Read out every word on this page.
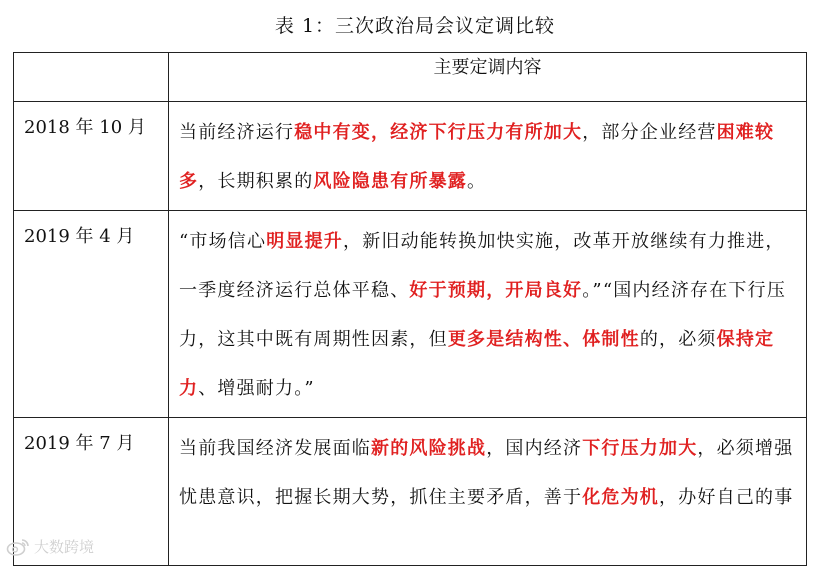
表 1：三次政治局会议定调比较
	主要定调内容
2018 年 10 月	当前经济运行稳中有变，经济下行压力有所加大，部分企业经营困难较多，长期积累的风险隐患有所暴露。
2019 年 4 月	“市场信心明显提升，新旧动能转换加快实施，改革开放继续有力推进，一季度经济运行总体平稳、好于预期，开局良好。”“国内经济存在下行压力，这其中既有周期性因素，但更多是结构性、体制性的，必须保持定力、增强耐力。”
2019 年 7 月	当前我国经济发展面临新的风险挑战，国内经济下行压力加大，必须增强忧患意识，把握长期大势，抓住主要矛盾，善于化危为机，办好自己的事
大数跨境
